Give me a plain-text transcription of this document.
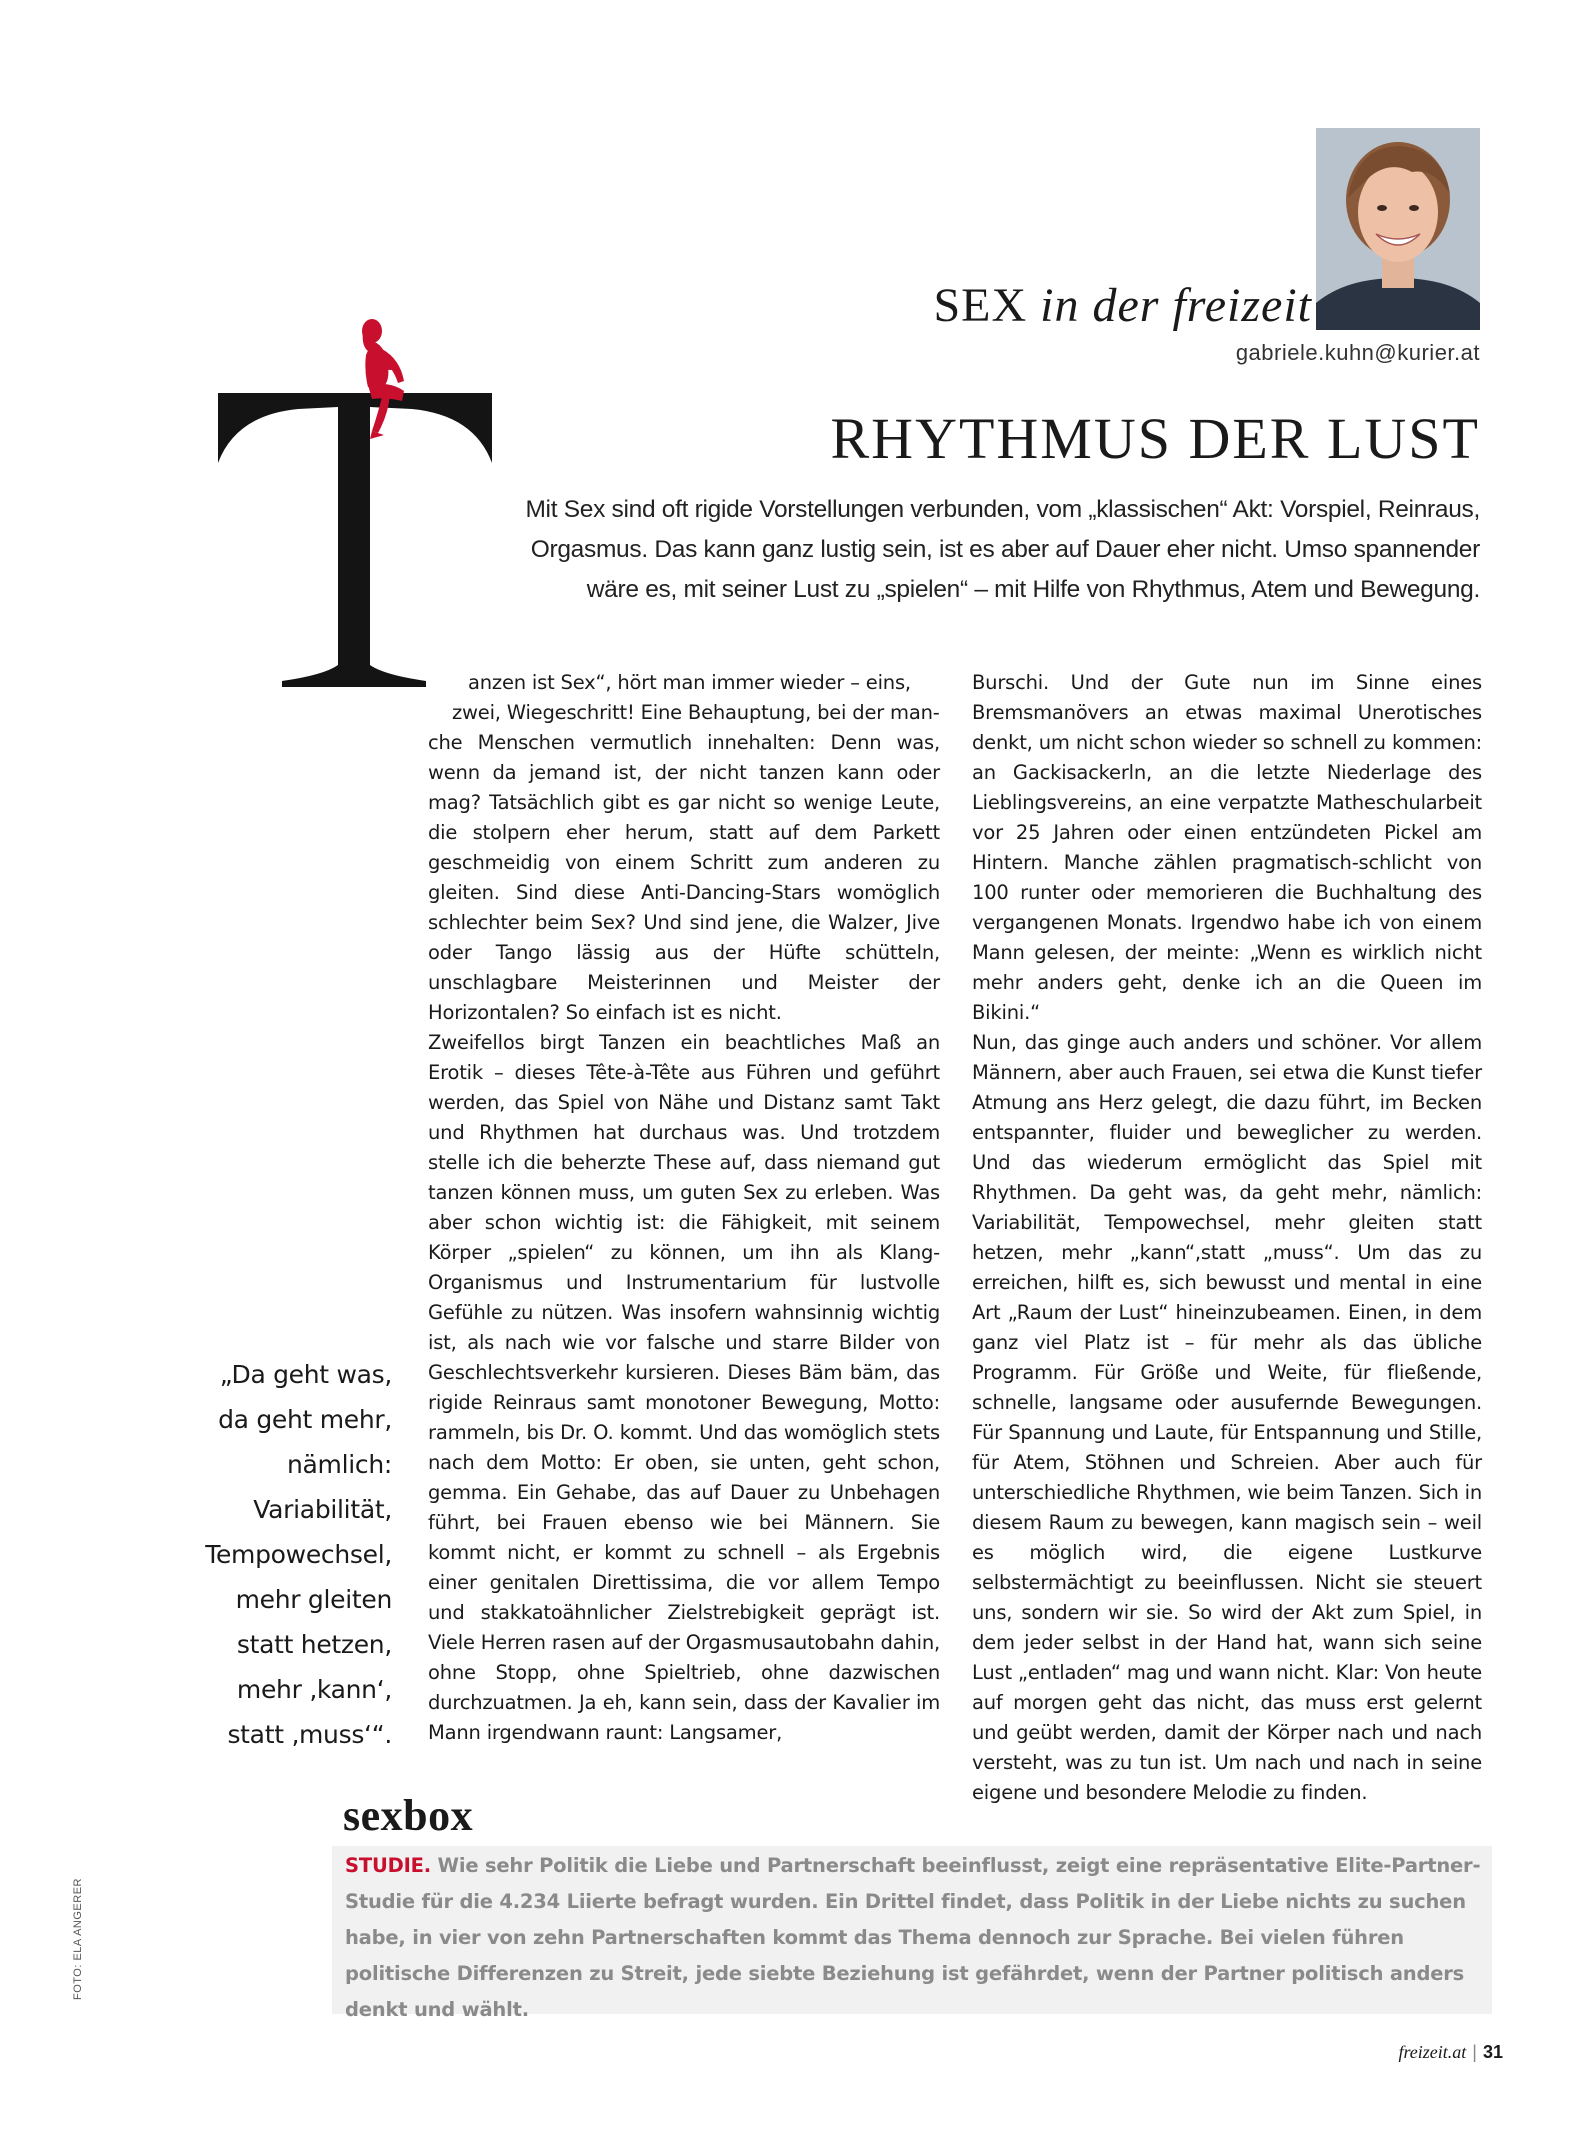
SEX in der freizeit
gabriele.kuhn@kurier.at
RHYTHMUS DER LUST
Mit Sex sind oft rigide Vorstellungen verbunden, vom „klassischen“ Akt: Vorspiel, Reinraus, Orgasmus. Das kann ganz lustig sein, ist es aber auf Dauer eher nicht. Umso spannender wäre es, mit seiner Lust zu „spielen“ – mit Hilfe von Rhythmus, Atem und Bewegung.

anzen ist Sex“, hört man immer wieder – eins,
zwei, Wiegeschritt! Eine Behauptung, bei der man-
che Menschen vermutlich innehalten: Denn was, wenn da jemand ist, der nicht tanzen kann oder mag? Tatsächlich gibt es gar nicht so wenige Leute, die stolpern eher herum, statt auf dem Parkett geschmeidig von einem Schritt zum anderen zu gleiten. Sind diese Anti-Dancing-Stars womöglich schlechter beim Sex? Und sind jene, die Walzer, Jive oder Tango lässig aus der Hüfte schütteln, unschlagbare Meisterinnen und Meister der Horizontalen? So einfach ist es nicht.

Zweifellos birgt Tanzen ein beachtliches Maß an Erotik – dieses Tête-à-Tête aus Führen und geführt werden, das Spiel von Nähe und Distanz samt Takt und Rhythmen hat durchaus was. Und trotzdem stelle ich die beherzte These auf, dass niemand gut tanzen können muss, um guten Sex zu erleben. Was aber schon wichtig ist: die Fähigkeit, mit seinem Körper „spielen“ zu können, um ihn als Klang-Organismus und Instrumentarium für lustvolle Gefühle zu nützen. Was insofern wahnsinnig wichtig ist, als nach wie vor falsche und starre Bilder von Geschlechtsverkehr kursieren. Dieses Bäm bäm, das rigide Reinraus samt monotoner Bewegung, Motto: rammeln, bis Dr. O. kommt. Und das womöglich stets nach dem Motto: Er oben, sie unten, geht schon, gemma. Ein Gehabe, das auf Dauer zu Unbehagen führt, bei Frauen ebenso wie bei Männern. Sie kommt nicht, er kommt zu schnell – als Ergebnis einer genitalen Direttissima, die vor allem Tempo und stakkatoähnlicher Zielstrebigkeit geprägt ist. Viele Herren rasen auf der Orgasmusautobahn dahin, ohne Stopp, ohne Spieltrieb, ohne dazwischen durchzuatmen. Ja eh, kann sein, dass der Kavalier im Mann irgendwann raunt: Langsamer,

Burschi. Und der Gute nun im Sinne eines Bremsmanövers an etwas maximal Unerotisches denkt, um nicht schon wieder so schnell zu kommen: an Gackisackerln, an die letzte Niederlage des Lieblingsvereins, an eine verpatzte Matheschularbeit vor 25 Jahren oder einen entzündeten Pickel am Hintern. Manche zählen pragmatisch-schlicht von 100 runter oder memorieren die Buchhaltung des vergangenen Monats. Irgendwo habe ich von einem Mann gelesen, der meinte: „Wenn es wirklich nicht mehr anders geht, denke ich an die Queen im Bikini.“

Nun, das ginge auch anders und schöner. Vor allem Männern, aber auch Frauen, sei etwa die Kunst tiefer Atmung ans Herz gelegt, die dazu führt, im Becken entspannter, fluider und beweglicher zu werden. Und das wiederum ermöglicht das Spiel mit Rhythmen. Da geht was, da geht mehr, nämlich: Variabilität, Tempowechsel, mehr gleiten statt hetzen, mehr „kann“,statt „muss“. Um das zu erreichen, hilft es, sich bewusst und mental in eine Art „Raum der Lust“ hineinzubeamen. Einen, in dem ganz viel Platz ist – für mehr als das übliche Programm. Für Größe und Weite, für fließende, schnelle, langsame oder ausufernde Bewegungen. Für Spannung und Laute, für Entspannung und Stille, für Atem, Stöhnen und Schreien. Aber auch für unterschiedliche Rhythmen, wie beim Tanzen. Sich in diesem Raum zu bewegen, kann magisch sein – weil es möglich wird, die eigene Lustkurve selbstermächtigt zu beeinflussen. Nicht sie steuert uns, sondern wir sie. So wird der Akt zum Spiel, in dem jeder selbst in der Hand hat, wann sich seine Lust „entladen“ mag und wann nicht. Klar: Von heute auf morgen geht das nicht, das muss erst gelernt und geübt werden, damit der Körper nach und nach versteht, was zu tun ist. Um nach und nach in seine eigene und besondere Melodie zu finden.

„Da geht was,
da geht mehr,
nämlich:
Variabilität,
Tempowechsel,
mehr gleiten
statt hetzen,
mehr ‚kann‘,
statt ‚muss‘“.
sexbox
STUDIE. Wie sehr Politik die Liebe und Partnerschaft beeinflusst, zeigt eine repräsentative Elite-Partner-Studie für die 4.234 Liierte befragt wurden. Ein Drittel findet, dass Politik in der Liebe nichts zu suchen habe, in vier von zehn Partnerschaften kommt das Thema dennoch zur Sprache. Bei vielen führen politische Differenzen zu Streit, jede siebte Beziehung ist gefährdet, wenn der Partner politisch anders denkt und wählt.
FOTO: ELA ANGERER
freizeit.at | 31
